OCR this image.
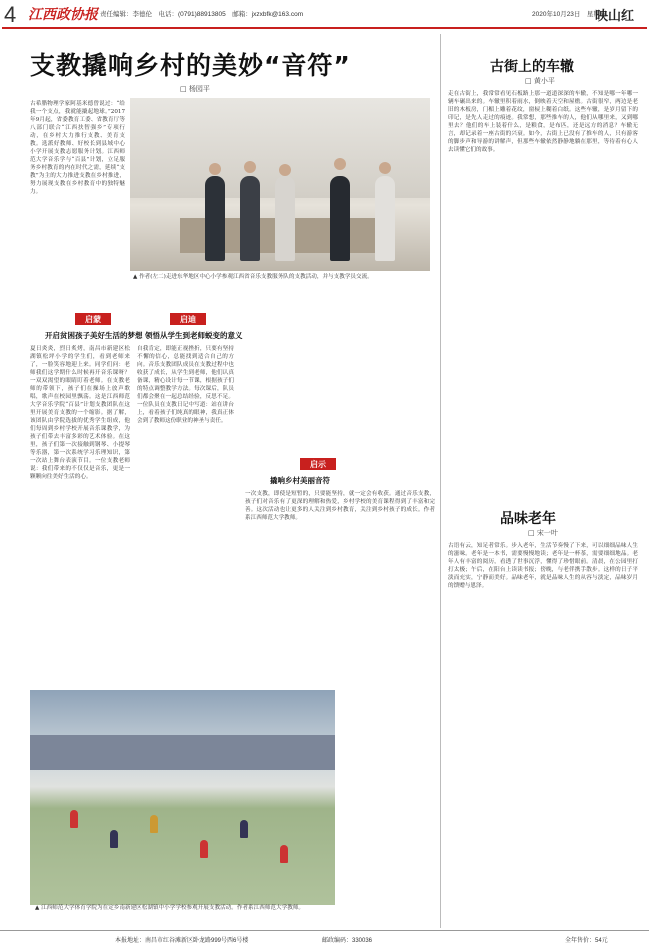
4 江西政协报 责任编辑：李德伦　电话：(0791)88913805　邮箱：jxzxbfk@163.com	2020年10月23日　星期五
映山红
支教撬响乡村的美妙“音符”
□ 杨园平
古希腊物理学家阿基米德曾说过：“给我一个支点，我就能撬起地球。”2017年9月起，省委教育工委、省教育厅等八部门联合“江西扶智强乡”专项行动，在乡村大力推行支教、美育支教。选派好教师、好校长到县域中心小学开展支教志愿服务计划。江西师范大学音乐学与“百县”计划，立足服务乡村教育的内在时代之需，延续“支教”为主的大力推进支教在乡村推进，努力展现支教在乡村教育中的独特魅力。
▲ 作者(左二)走进东华地区中心小学参观江西省音乐支教服务队的支教活动，并与支教学员交流。
启蒙
开启贫困孩子美好生活的梦想
夏日炎炎，烈日炙烤，南昌市新建区松湖镇松坪小学的学生们，看到老师来了，一脸笑容地迎上来。同学们问：老师我们这学期什么时候再开音乐课呀？一双双渴望的眼睛盯着老师。在支教老师的带领下，孩子们在操场上放声歌唱，歌声在校园里飘荡。这是江西师范大学音乐学院“百县”计划支教团队在这里开展美育支教的一个缩影。据了解，该团队由学院选拔的优秀学生组成，他们每周到乡村学校开展音乐课教学，为孩子们带去丰富多彩的艺术体验。在这里，孩子们第一次接触到钢琴、小提琴等乐器，第一次系统学习乐理知识，第一次站上舞台表演节目。一位支教老师说：我们带来的不仅仅是音乐，更是一颗颗向往美好生活的心。
启迪
领悟从学生到老师蜕变的意义
自我肯定，即能正视挫折，只要有坚持不懈的信心，总能找到适合自己的方向。音乐支教团队成员在支教过程中也收获了成长，从学生到老师，他们认真备课，精心设计每一节课，根据孩子们的特点调整教学方法。每次课后，队员们都会聚在一起总结经验，反思不足。一位队员在支教日记中写道：站在讲台上，看着孩子们纯真的眼神，我真正体会到了教师这份职业的神圣与责任。
启示
撬响乡村美丽音符
一次支教，即使是短暂的，只要能坚持，就一定会有收获。通过音乐支教，孩子们对音乐有了更深的理解和热爱，乡村学校的美育课程得到了丰富和完善。这次活动也让更多的人关注到乡村教育，关注到乡村孩子的成长。作者系江西师范大学教师。
▲ 江西师范大学体育学院为在定乡南新建区松湖镇中小学学校参观开展支教活动。作者系江西师范大学教师。
古街上的车辙
□ 黄小平
走在古街上，我常常看见石板路上那一道道深深的车辙，不知是哪一年哪一辆车碾出来的。车辙里积着雨水，倒映着天空和屋檐。古街很窄，两边是老旧的木板房，门楣上雕着花纹，窗棂上糊着白纸。这些车辙，是岁月留下的印记，是先人走过的痕迹。我常想，那些推车的人，他们从哪里来，又到哪里去？他们的车上装着什么，是粮食，是布匹，还是远方的消息？车辙无言，却记录着一座古街的兴衰。如今，古街上已没有了推车的人，只有游客的脚步声和导游的讲解声，但那些车辙依然静静地躺在那里，等待着有心人去读懂它们的故事。
品味老年
□ 宋一叶
古语有云，知足者常乐。步入老年，生活节奏慢了下来，可以细细品味人生的滋味。老年是一本书，需要慢慢地读；老年是一杯茶，需要细细地品。老年人有丰富的阅历，看透了世事沉浮，懂得了珍惜眼前。清晨，在公园里打打太极；午后，在阳台上读读书报；傍晚，与老伴携手散步。这样的日子平淡而充实，宁静而美好。品味老年，就是品味人生的从容与淡定，品味岁月的馈赠与恩泽。
本报地址：南昌市红谷滩新区卧龙路999号西6号楼	邮政编码：330036	全年售价：54元
